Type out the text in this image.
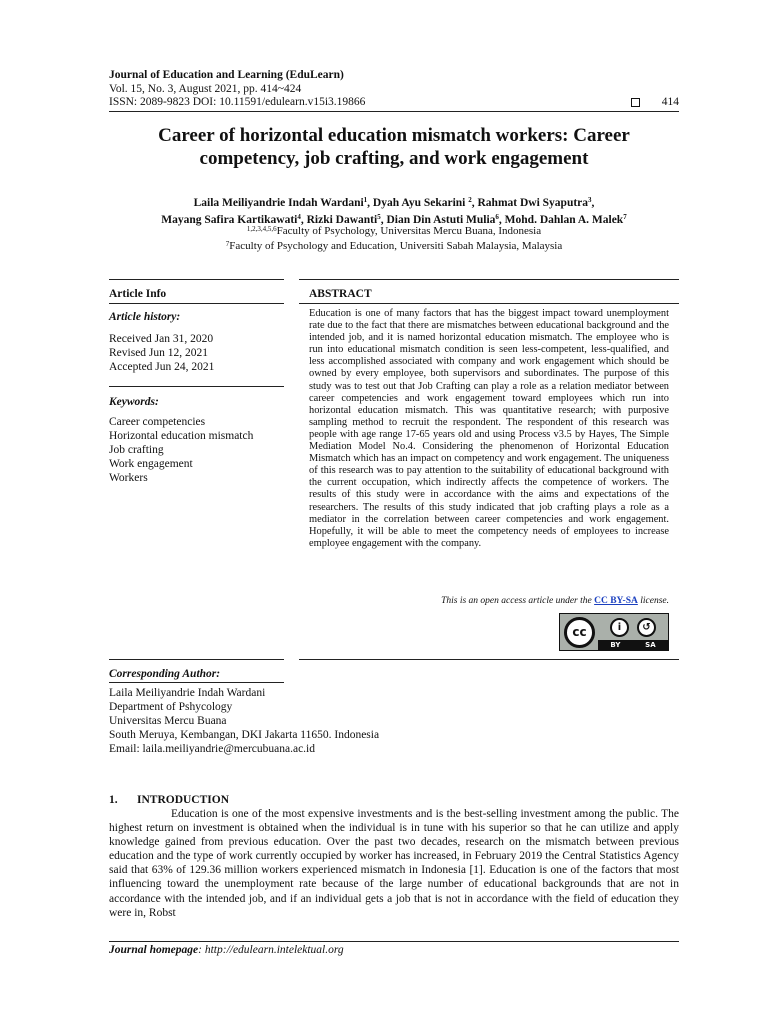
Journal of Education and Learning (EduLearn)
Vol. 15, No. 3, August 2021, pp. 414~424
ISSN: 2089-9823 DOI: 10.11591/edulearn.v15i3.19866	414
Career of horizontal education mismatch workers: Career competency, job crafting, and work engagement
Laila Meiliyandrie Indah Wardani$^1$, Dyah Ayu Sekarini $^2$, Rahmat Dwi Syaputra$^3$,
Mayang Safira Kartikawati$^4$, Rizki Dawanti$^5$, Dian Din Astuti Mulia$^6$, Mohd. Dahlan A. Malek$^7$
$^{1,2,3,4,5,6}$Faculty of Psychology, Universitas Mercu Buana, Indonesia
$^7$Faculty of Psychology and Education, Universiti Sabah Malaysia, Malaysia
Article Info	ABSTRACT
Article history:
Received Jan 31, 2020
Revised Jun 12, 2021
Accepted Jun 24, 2021
Keywords:
Career competencies
Horizontal education mismatch
Job crafting
Work engagement
Workers
Education is one of many factors that has the biggest impact toward unemployment rate due to the fact that there are mismatches between educational background and the intended job, and it is named horizontal education mismatch. The employee who is run into educational mismatch condition is seen less-competent, less-qualified, and less accomplished associated with company and work engagement which should be owned by every employee, both supervisors and subordinates. The purpose of this study was to test out that Job Crafting can play a role as a relation mediator between career competencies and work engagement toward employees which run into horizontal education mismatch. This was quantitative research; with purposive sampling method to recruit the respondent. The respondent of this research was people with age range 17-65 years old and using Process v3.5 by Hayes, The Simple Mediation Model No.4. Considering the phenomenon of Horizontal Education Mismatch which has an impact on competency and work engagement. The uniqueness of this research was to pay attention to the suitability of educational background with the current occupation, which indirectly affects the competence of workers. The results of this study were in accordance with the aims and expectations of the researchers. The results of this study indicated that job crafting plays a role as a mediator in the correlation between career competencies and work engagement. Hopefully, it will be able to meet the competency needs of employees to increase employee engagement with the company.
This is an open access article under the CC BY-SA license.
cc	i	↺
BY	SA
Corresponding Author:
Laila Meiliyandrie Indah Wardani
Department of Pshycology
Universitas Mercu Buana
South Meruya, Kembangan, DKI Jakarta 11650. Indonesia
Email: laila.meiliyandrie@mercubuana.ac.id
1. INTRODUCTION
Education is one of the most expensive investments and is the best-selling investment among the public. The highest return on investment is obtained when the individual is in tune with his superior so that he can utilize and apply knowledge gained from previous education. Over the past two decades, research on the mismatch between previous education and the type of work currently occupied by worker has increased, in February 2019 the Central Statistics Agency said that 63% of 129.36 million workers experienced mismatch in Indonesia [1]. Education is one of the factors that most influencing toward the unemployment rate because of the large number of educational backgrounds that are not in accordance with the intended job, and if an individual gets a job that is not in accordance with the field of education they were in, Robst
Journal homepage: http://edulearn.intelektual.org
